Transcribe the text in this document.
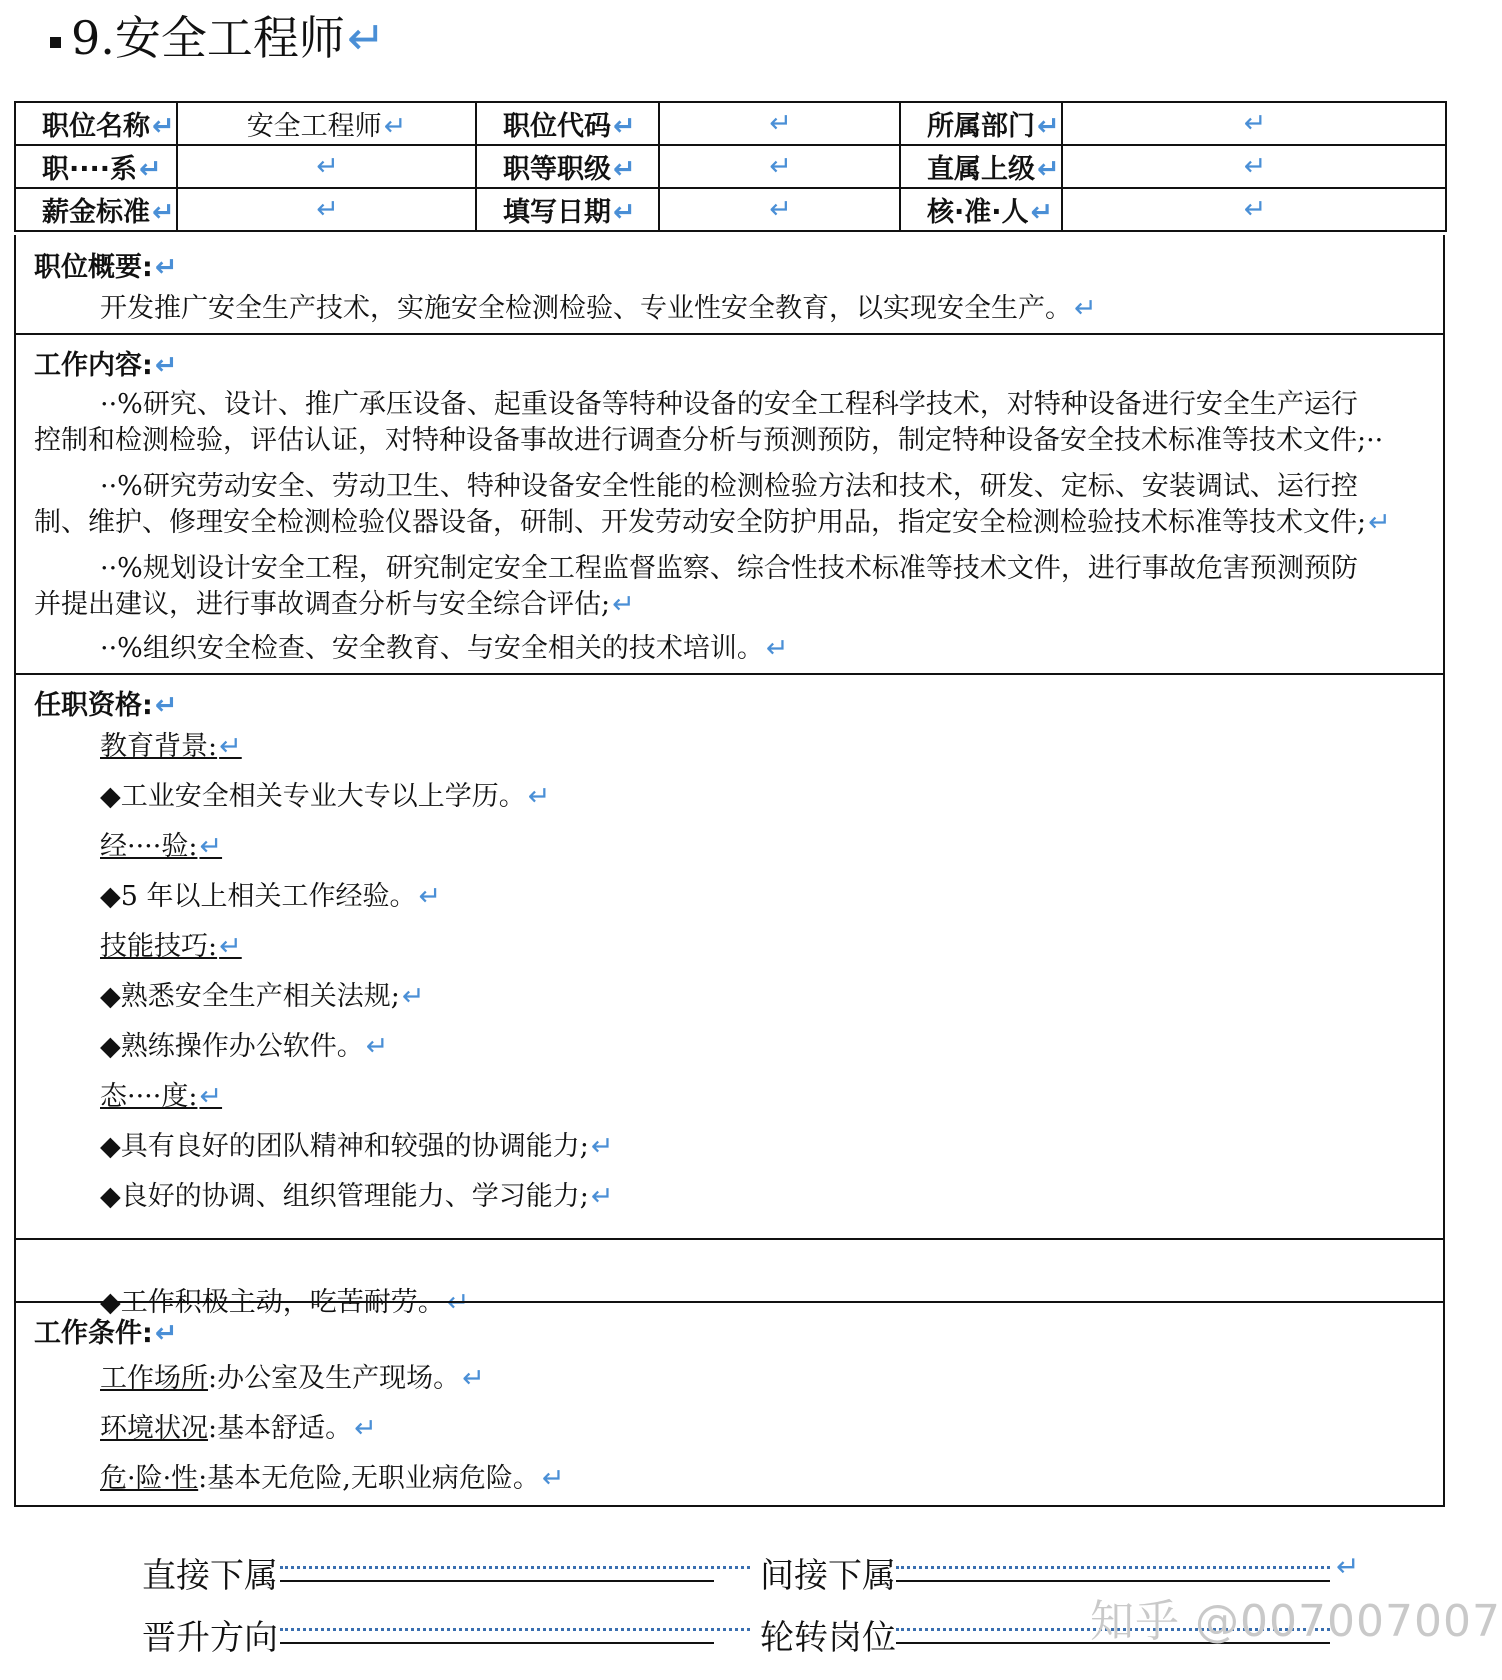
9.安全工程师↵
职位名称↵	安全工程师↵	职位代码↵	↵	所属部门↵	↵
职····系↵	↵	职等职级↵	↵	直属上级↵	↵
薪金标准↵	↵	填写日期↵	↵	核·准·人↵	↵
职位概要:↵
开发推广安全生产技术，实施安全检测检验、专业性安全教育，以实现安全生产。↵
工作内容:↵
··%研究、设计、推广承压设备、起重设备等特种设备的安全工程科学技术，对特种设备进行安全生产运行
控制和检测检验，评估认证，对特种设备事故进行调查分析与预测预防，制定特种设备安全技术标准等技术文件;··
··%研究劳动安全、劳动卫生、特种设备安全性能的检测检验方法和技术，研发、定标、安装调试、运行控
制、维护、修理安全检测检验仪器设备，研制、开发劳动安全防护用品，指定安全检测检验技术标准等技术文件;↵
··%规划设计安全工程，研究制定安全工程监督监察、综合性技术标准等技术文件，进行事故危害预测预防
并提出建议，进行事故调查分析与安全综合评估;↵
··%组织安全检查、安全教育、与安全相关的技术培训。↵
任职资格:↵
教育背景:↵
◆工业安全相关专业大专以上学历。↵
经····验:↵
◆5 年以上相关工作经验。↵
技能技巧:↵
◆熟悉安全生产相关法规;↵
◆熟练操作办公软件。↵
态····度:↵
◆具有良好的团队精神和较强的协调能力;↵
◆良好的协调、组织管理能力、学习能力;↵
◆工作积极主动，吃苦耐劳。↵
工作条件:↵
工作场所:办公室及生产现场。↵
环境状况:基本舒适。↵
危·险·性:基本无危险,无职业病危险。↵
直接下属	间接下属	↵
晋升方向	轮转岗位	知乎 @007007007
